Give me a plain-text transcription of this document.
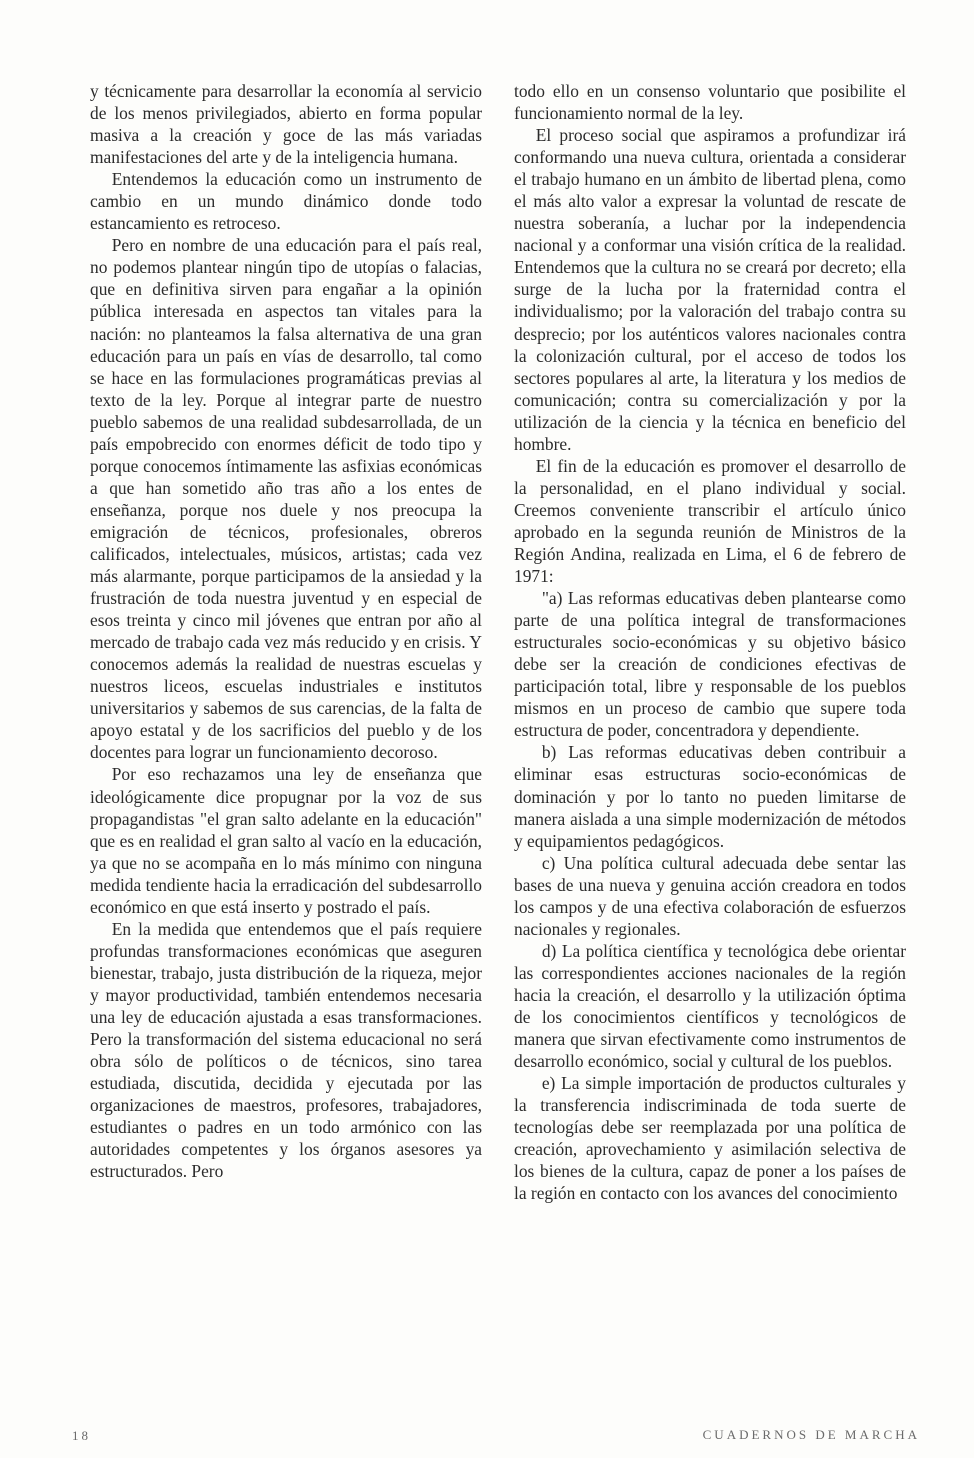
y técnicamente para desarrollar la economía al servicio de los menos privilegiados, abierto en forma popular masiva a la creación y goce de las más variadas manifestaciones del arte y de la inteligencia humana.

Entendemos la educación como un instrumento de cambio en un mundo dinámico donde todo estancamiento es retroceso.

Pero en nombre de una educación para el país real, no podemos plantear ningún tipo de utopías o falacias, que en definitiva sirven para engañar a la opinión pública interesada en aspectos tan vitales para la nación: no planteamos la falsa alternativa de una gran educación para un país en vías de desarrollo, tal como se hace en las formulaciones programáticas previas al texto de la ley. Porque al integrar parte de nuestro pueblo sabemos de una realidad subdesarrollada, de un país empobrecido con enormes déficit de todo tipo y porque conocemos íntimamente las asfixias económicas a que han sometido año tras año a los entes de enseñanza, porque nos duele y nos preocupa la emigración de técnicos, profesionales, obreros calificados, intelectuales, músicos, artistas; cada vez más alarmante, porque participamos de la ansiedad y la frustración de toda nuestra juventud y en especial de esos treinta y cinco mil jóvenes que entran por año al mercado de trabajo cada vez más reducido y en crisis. Y conocemos además la realidad de nuestras escuelas y nuestros liceos, escuelas industriales e institutos universitarios y sabemos de sus carencias, de la falta de apoyo estatal y de los sacrificios del pueblo y de los docentes para lograr un funcionamiento decoroso.

Por eso rechazamos una ley de enseñanza que ideológicamente dice propugnar por la voz de sus propagandistas "el gran salto adelante en la educación" que es en realidad el gran salto al vacío en la educación, ya que no se acompaña en lo más mínimo con ninguna medida tendiente hacia la erradicación del subdesarrollo económico en que está inserto y postrado el país.

En la medida que entendemos que el país requiere profundas transformaciones económicas que aseguren bienestar, trabajo, justa distribución de la riqueza, mejor y mayor productividad, también entendemos necesaria una ley de educación ajustada a esas transformaciones. Pero la transformación del sistema educacional no será obra sólo de políticos o de técnicos, sino tarea estudiada, discutida, decidida y ejecutada por las organizaciones de maestros, profesores, trabajadores, estudiantes o padres en un todo armónico con las autoridades competentes y los órganos asesores ya estructurados. Pero

todo ello en un consenso voluntario que posibilite el funcionamiento normal de la ley.

El proceso social que aspiramos a profundizar irá conformando una nueva cultura, orientada a considerar el trabajo humano en un ámbito de libertad plena, como el más alto valor a expresar la voluntad de rescate de nuestra soberanía, a luchar por la independencia nacional y a conformar una visión crítica de la realidad. Entendemos que la cultura no se creará por decreto; ella surge de la lucha por la fraternidad contra el individualismo; por la valoración del trabajo contra su desprecio; por los auténticos valores nacionales contra la colonización cultural, por el acceso de todos los sectores populares al arte, la literatura y los medios de comunicación; contra su comercialización y por la utilización de la ciencia y la técnica en beneficio del hombre.

El fin de la educación es promover el desarrollo de la personalidad, en el plano individual y social. Creemos conveniente transcribir el artículo único aprobado en la segunda reunión de Ministros de la Región Andina, realizada en Lima, el 6 de febrero de 1971:

"a) Las reformas educativas deben plantearse como parte de una política integral de transformaciones estructurales socio-económicas y su objetivo básico debe ser la creación de condiciones efectivas de participación total, libre y responsable de los pueblos mismos en un proceso de cambio que supere toda estructura de poder, concentradora y dependiente.

b) Las reformas educativas deben contribuir a eliminar esas estructuras socio-económicas de dominación y por lo tanto no pueden limitarse de manera aislada a una simple modernización de métodos y equipamientos pedagógicos.

c) Una política cultural adecuada debe sentar las bases de una nueva y genuina acción creadora en todos los campos y de una efectiva colaboración de esfuerzos nacionales y regionales.

d) La política científica y tecnológica debe orientar las correspondientes acciones nacionales de la región hacia la creación, el desarrollo y la utilización óptima de los conocimientos científicos y tecnológicos de manera que sirvan efectivamente como instrumentos de desarrollo económico, social y cultural de los pueblos.

e) La simple importación de productos culturales y la transferencia indiscriminada de toda suerte de tecnologías debe ser reemplazada por una política de creación, aprovechamiento y asimilación selectiva de los bienes de la cultura, capaz de poner a los países de la región en contacto con los avances del conocimiento

18	CUADERNOS DE MARCHA
